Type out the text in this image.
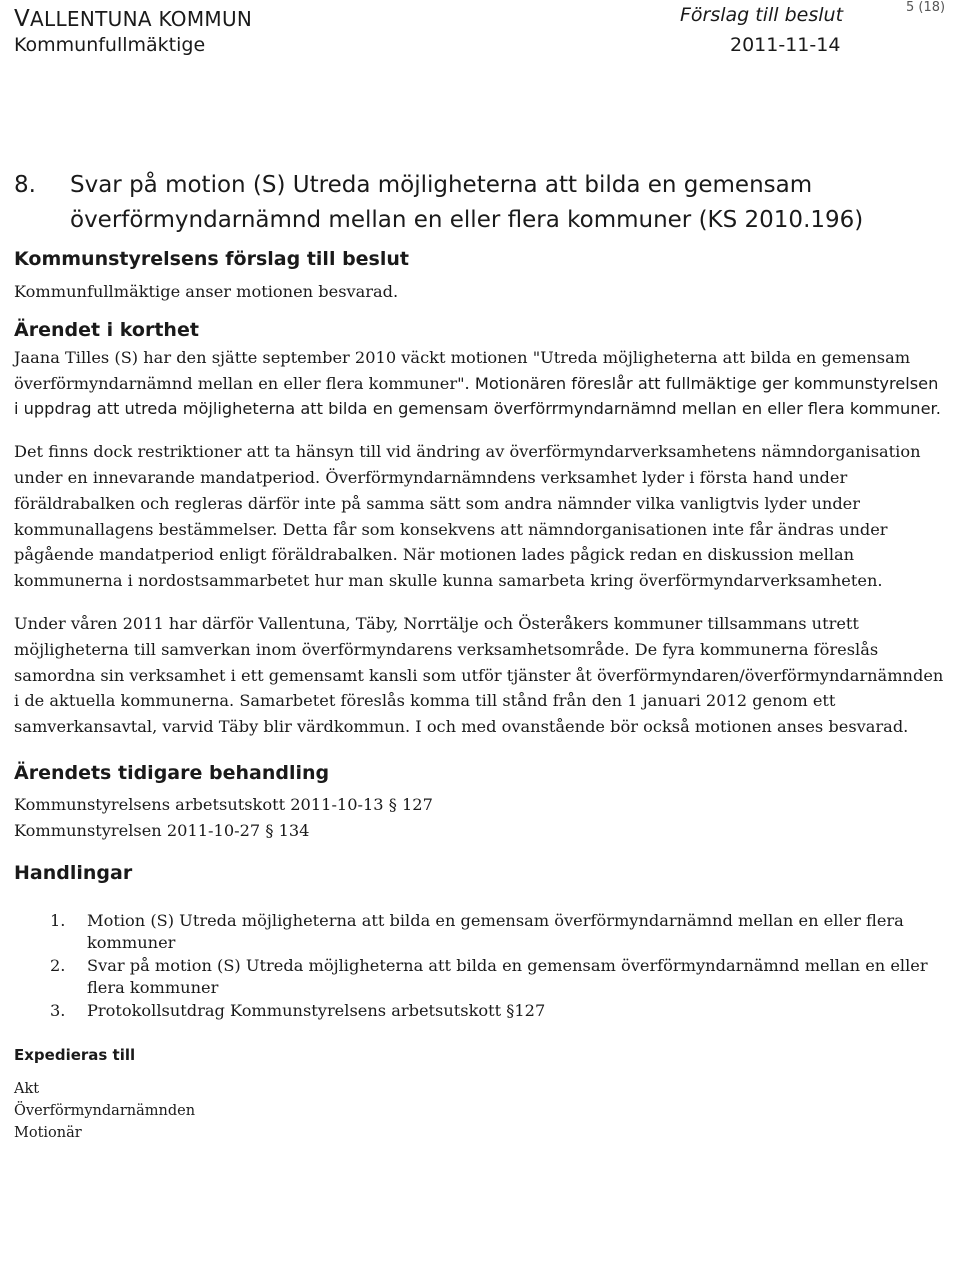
VALLENTUNA KOMMUN
Kommunfullmäktige
Förslag till beslut
2011-11-14
5 (18)
8.	Svar på motion (S) Utreda möjligheterna att bilda en gemensam överförmyndarnämnd mellan en eller flera kommuner (KS 2010.196)
Kommunstyrelsens förslag till beslut

Kommunfullmäktige anser motionen besvarad.

Ärendet i korthet

Jaana Tilles (S) har den sjätte september 2010 väckt motionen "Utreda möjligheterna att bilda en gemensam överförmyndarnämnd mellan en eller flera kommuner". Motionären föreslår att fullmäktige ger kommunstyrelsen i uppdrag att utreda möjligheterna att bilda en gemensam överförrmyndarnämnd mellan en eller flera kommuner.

Det finns dock restriktioner att ta hänsyn till vid ändring av överförmyndarverksamhetens nämndorganisation under en innevarande mandatperiod. Överförmyndarnämndens verksamhet lyder i första hand under föräldrabalken och regleras därför inte på samma sätt som andra nämnder vilka vanligtvis lyder under kommunallagens bestämmelser. Detta får som konsekvens att nämndorganisationen inte får ändras under pågående mandatperiod enligt föräldrabalken. När motionen lades pågick redan en diskussion mellan kommunerna i nordostsammarbetet hur man skulle kunna samarbeta kring överförmyndarverksamheten.

Under våren 2011 har därför Vallentuna, Täby, Norrtälje och Österåkers kommuner tillsammans utrett möjligheterna till samverkan inom överförmyndarens verksamhetsområde. De fyra kommunerna föreslås samordna sin verksamhet i ett gemensamt kansli som utför tjänster åt överförmyndaren/överförmyndarnämnden i de aktuella kommunerna. Samarbetet föreslås komma till stånd från den 1 januari 2012 genom ett samverkansavtal, varvid Täby blir värdkommun. I och med ovanstående bör också motionen anses besvarad.

Ärendets tidigare behandling

Kommunstyrelsens arbetsutskott 2011-10-13 § 127

Kommunstyrelsen 2011-10-27 § 134

Handlingar
1.	Motion (S) Utreda möjligheterna att bilda en gemensam överförmyndarnämnd mellan en eller flera kommuner
2.	Svar på motion (S) Utreda möjligheterna att bilda en gemensam överförmyndarnämnd mellan en eller flera kommuner
3.	Protokollsutdrag Kommunstyrelsens arbetsutskott §127
Expedieras till

Akt

Överförmyndarnämnden

Motionär
